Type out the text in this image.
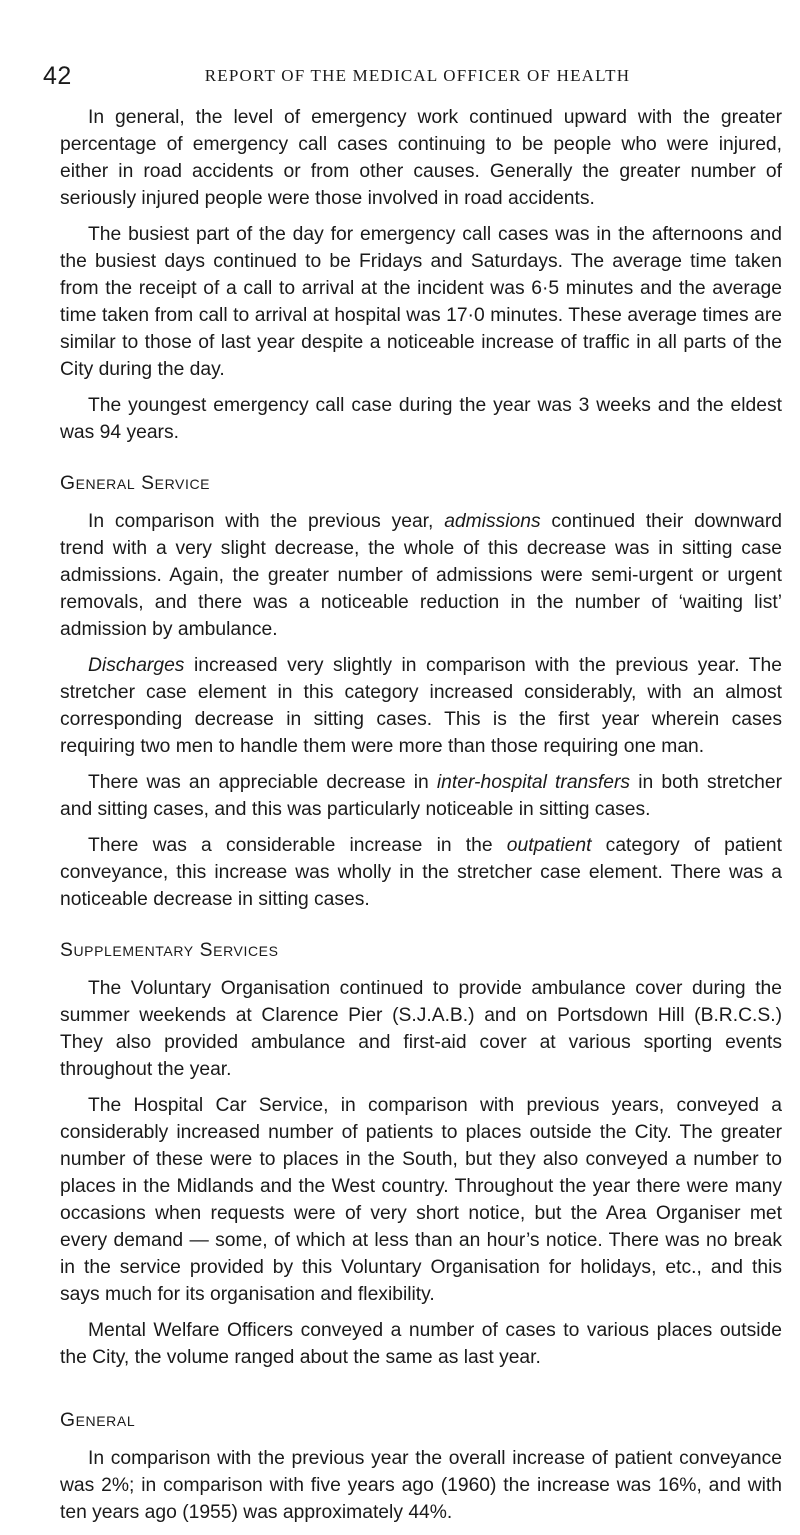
42	REPORT OF THE MEDICAL OFFICER OF HEALTH

In general, the level of emergency work continued upward with the greater percentage of emergency call cases continuing to be people who were injured, either in road accidents or from other causes. Generally the greater number of seriously injured people were those involved in road accidents.

The busiest part of the day for emergency call cases was in the afternoons and the busiest days continued to be Fridays and Saturdays. The average time taken from the receipt of a call to arrival at the incident was 6·5 minutes and the average time taken from call to arrival at hospital was 17·0 minutes. These average times are similar to those of last year despite a noticeable increase of traffic in all parts of the City during the day.

The youngest emergency call case during the year was 3 weeks and the eldest was 94 years.

General Service

In comparison with the previous year, admissions continued their downward trend with a very slight decrease, the whole of this decrease was in sitting case admissions. Again, the greater number of admissions were semi-urgent or urgent removals, and there was a noticeable reduction in the number of ‘waiting list’ admission by ambulance.

Discharges increased very slightly in comparison with the previous year. The stretcher case element in this category increased considerably, with an almost corresponding decrease in sitting cases. This is the first year wherein cases requiring two men to handle them were more than those requiring one man.

There was an appreciable decrease in inter-hospital transfers in both stretcher and sitting cases, and this was particularly noticeable in sitting cases.

There was a considerable increase in the outpatient category of patient conveyance, this increase was wholly in the stretcher case element. There was a noticeable decrease in sitting cases.

Supplementary Services

The Voluntary Organisation continued to provide ambulance cover during the summer weekends at Clarence Pier (S.J.A.B.) and on Portsdown Hill (B.R.C.S.) They also provided ambulance and first-aid cover at various sporting events throughout the year.

The Hospital Car Service, in comparison with previous years, conveyed a considerably increased number of patients to places outside the City. The greater number of these were to places in the South, but they also conveyed a number to places in the Midlands and the West country. Throughout the year there were many occasions when requests were of very short notice, but the Area Organiser met every demand — some, of which at less than an hour’s notice. There was no break in the service provided by this Voluntary Organisation for holidays, etc., and this says much for its organisation and flexibility.

Mental Welfare Officers conveyed a number of cases to various places outside the City, the volume ranged about the same as last year.

General

In comparison with the previous year the overall increase of patient conveyance was 2%; in comparison with five years ago (1960) the increase was 16%, and with ten years ago (1955) was approximately 44%.
